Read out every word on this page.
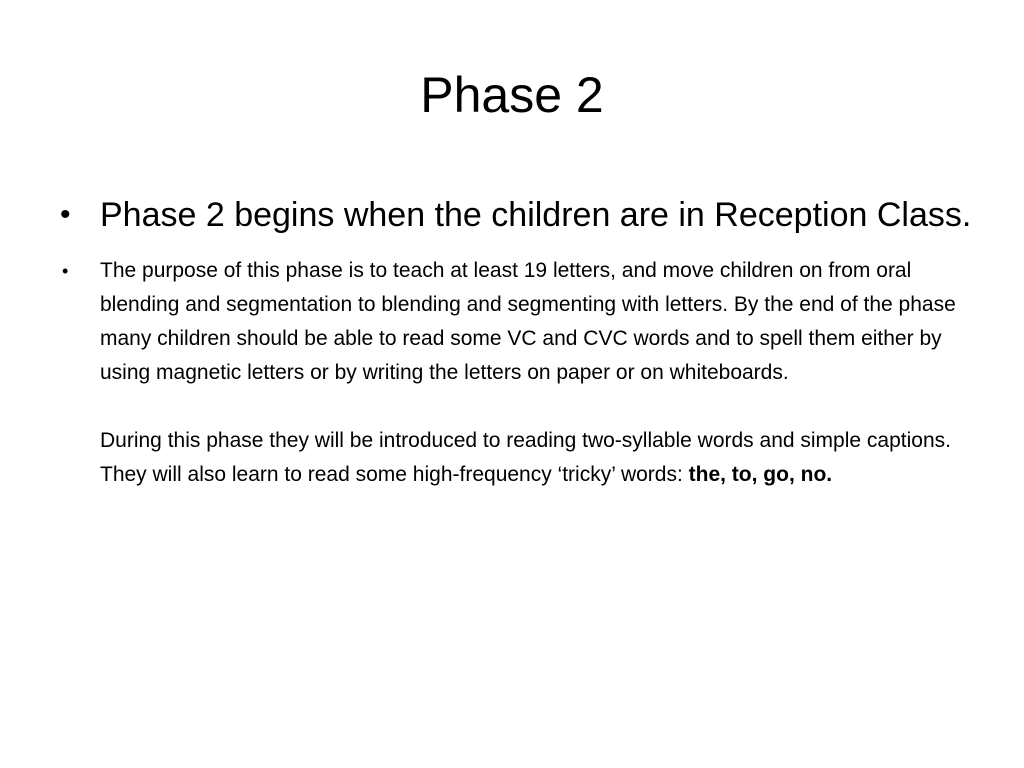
Phase 2
• Phase 2 begins when the children are in Reception Class.
• The purpose of this phase is to teach at least 19 letters, and move children on from oral blending and segmentation to blending and segmenting with letters. By the end of the phase many children should be able to read some VC and CVC words and to spell them either by using magnetic letters or by writing the letters on paper or on whiteboards.
During this phase they will be introduced to reading two-syllable words and simple captions. They will also learn to read some high-frequency ‘tricky’ words: the, to, go, no.
